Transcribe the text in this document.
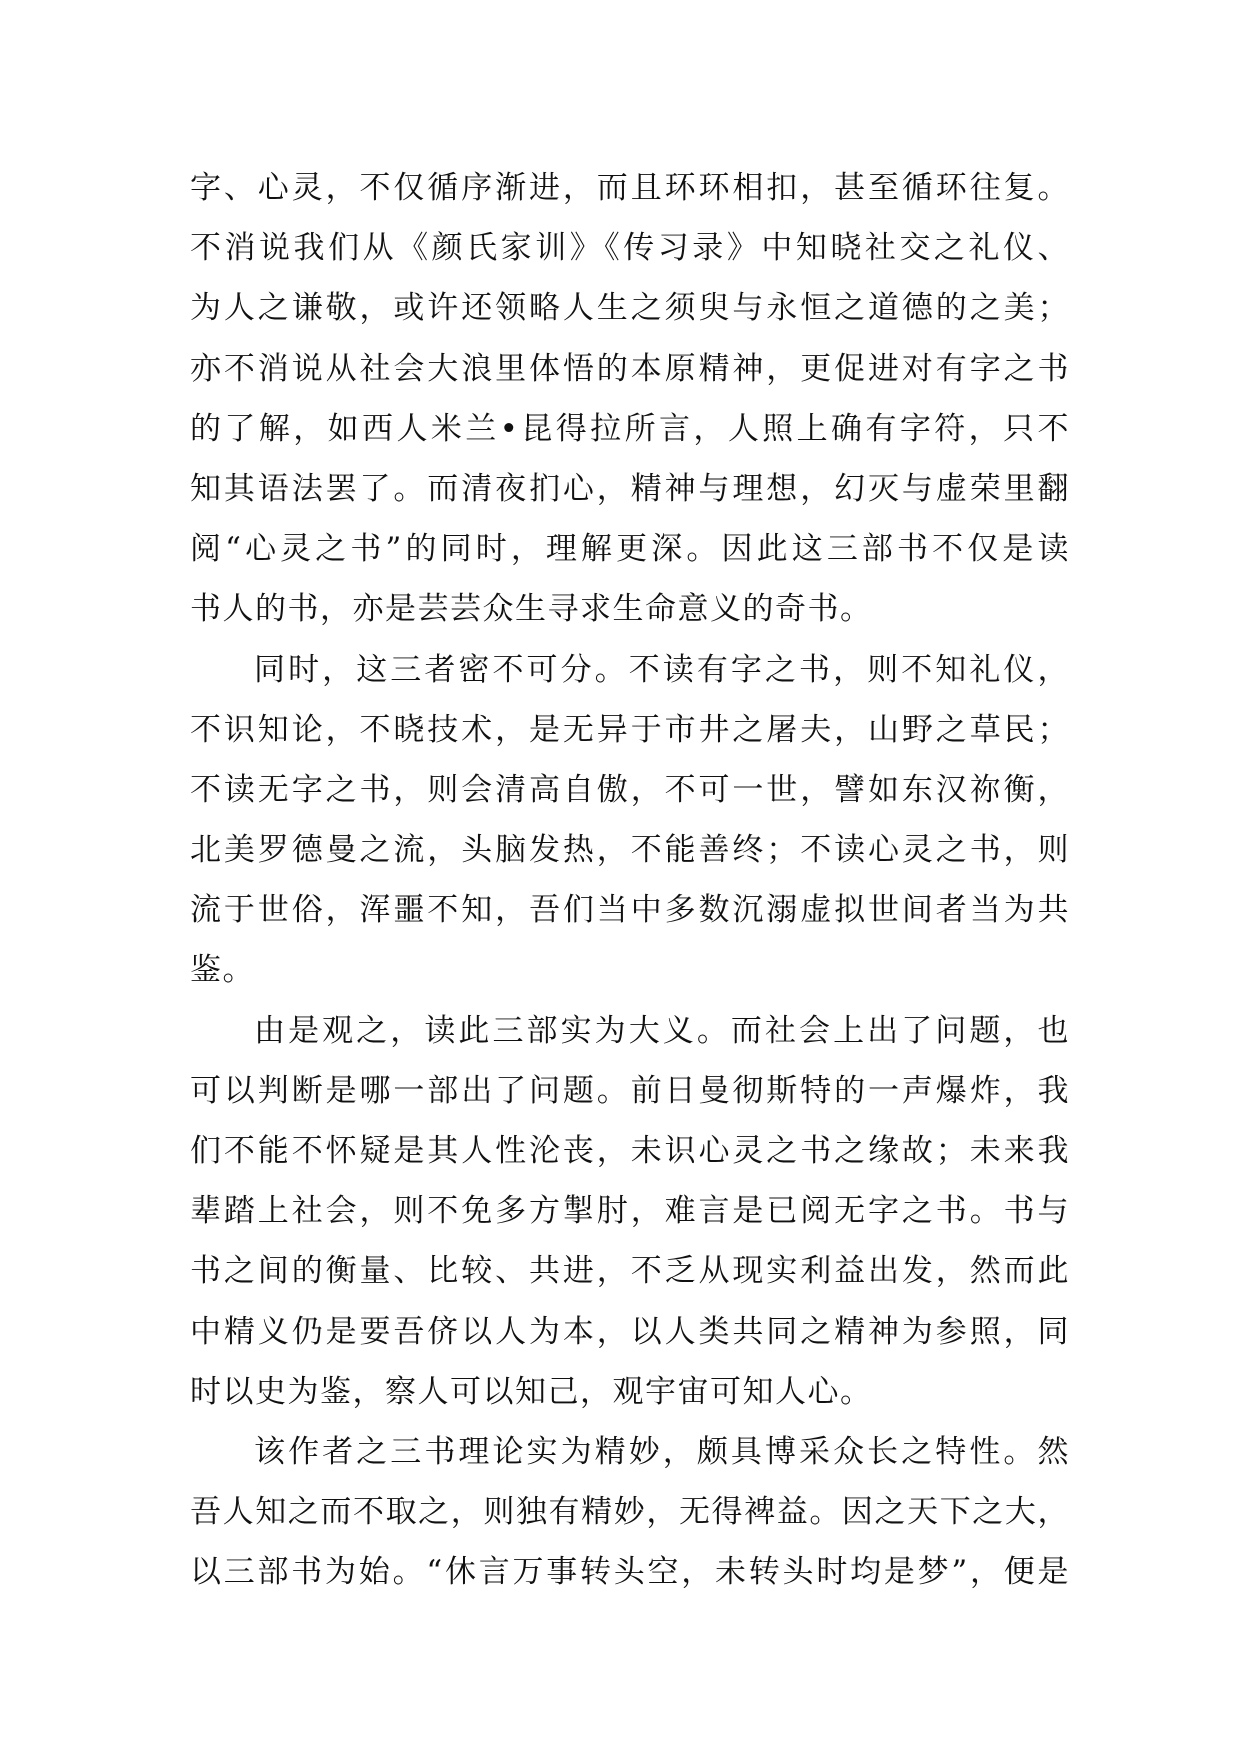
字、心灵，不仅循序渐进，而且环环相扣，甚至循环往复。
不消说我们从《颜氏家训》《传习录》中知晓社交之礼仪、
为人之谦敬，或许还领略人生之须臾与永恒之道德的之美；
亦不消说从社会大浪里体悟的本原精神，更促进对有字之书
的了解，如西人米兰•昆得拉所言，人照上确有字符，只不
知其语法罢了。而清夜扪心，精神与理想，幻灭与虚荣里翻
阅“心灵之书”的同时，理解更深。因此这三部书不仅是读
书人的书，亦是芸芸众生寻求生命意义的奇书。
同时，这三者密不可分。不读有字之书，则不知礼仪，
不识知论，不晓技术，是无异于市井之屠夫，山野之草民；
不读无字之书，则会清高自傲，不可一世，譬如东汉祢衡，
北美罗德曼之流，头脑发热，不能善终；不读心灵之书，则
流于世俗，浑噩不知，吾们当中多数沉溺虚拟世间者当为共
鉴。
由是观之，读此三部实为大义。而社会上出了问题，也
可以判断是哪一部出了问题。前日曼彻斯特的一声爆炸，我
们不能不怀疑是其人性沦丧，未识心灵之书之缘故；未来我
辈踏上社会，则不免多方掣肘，难言是已阅无字之书。书与
书之间的衡量、比较、共进，不乏从现实利益出发，然而此
中精义仍是要吾侪以人为本，以人类共同之精神为参照，同
时以史为鉴，察人可以知己，观宇宙可知人心。
该作者之三书理论实为精妙，颇具博采众长之特性。然
吾人知之而不取之，则独有精妙，无得裨益。因之天下之大，
以三部书为始。“休言万事转头空，未转头时均是梦”，便是
